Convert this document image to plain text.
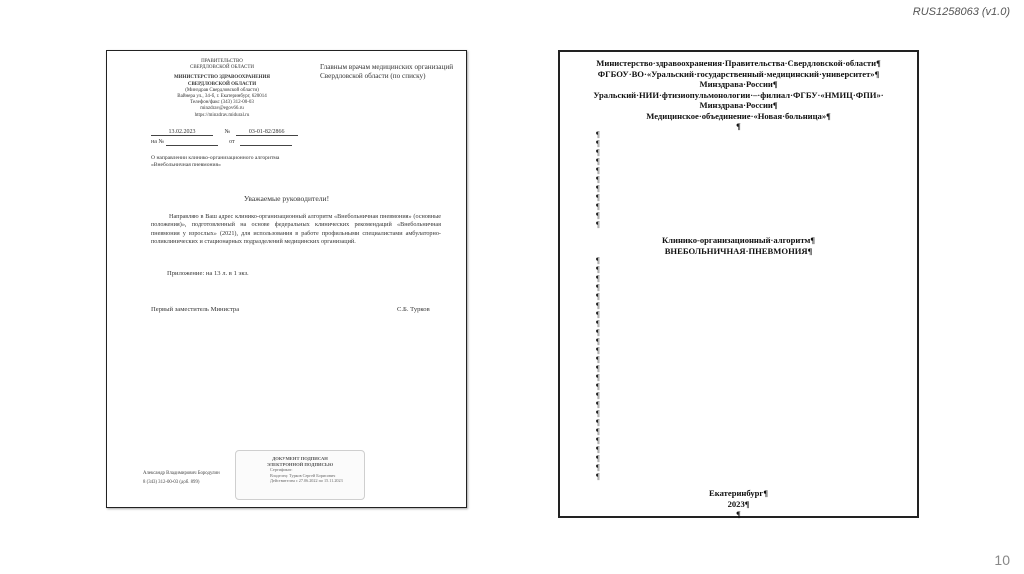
RUS1258063 (v1.0)
ПРАВИТЕЛЬСТВО
СВЕРДЛОВСКОЙ ОБЛАСТИ
МИНИСТЕРСТВО ЗДРАВООХРАНЕНИЯ
СВЕРДЛОВСКОЙ ОБЛАСТИ
(Минздрав Свердловской области)
Вайнера ул., 34-б, г. Екатеринбург, 620014
Телефон/факс (343) 312-00-03
minzdrav@egov66.ru
https://minzdrav.midural.ru
Главным врачам медицинских организаций Свердловской области (по списку)
13.02.2023	№	03-01-82/2866
на №	от
О направлении клинико-организационного алгоритма «Внебольничная пневмония»
Уважаемые руководители!
Направляю в Ваш адрес клинико-организационный алгоритм «Внебольничная пневмония» (основные положения)», подготовленный на основе федеральных клинических рекомендаций «Внебольничная пневмония у взрослых» (2021), для использования в работе профильными специалистами амбулаторно-поликлинических и стационарных подразделений медицинских организаций.
Приложение: на 13 л. в 1 экз.
Первый заместитель Министра	С.Б. Турков
ДОКУМЕНТ ПОДПИСАН
ЭЛЕКТРОННОЙ ПОДПИСЬЮ
Сертификат:
Владелец: Турков Сергей Борисович
Действителен с 27.06.2022 по 15.11.2023
Александр Владимирович Бородулин
8 (343) 312-00-03 (доб. 899)
Министерство·здравоохранения·Правительства·Свердловской·области¶
ФГБОУ·ВО·«Уральский·государственный·медицинский·университет»¶
Минздрава·России¶
Уральский·НИИ·фтизиопульмонологии·–·филиал·ФГБУ·«НМИЦ·ФПИ»·
Минздрава·России¶
Медицинское·объединение·«Новая·больница»¶
¶
¶
¶
¶
¶
¶
¶
¶
¶
¶
¶
¶
Клинико-организационный·алгоритм¶
ВНЕБОЛЬНИЧНАЯ·ПНЕВМОНИЯ¶
¶
¶
¶
¶
¶
¶
¶
¶
¶
¶
¶
¶
¶
¶
¶
¶
¶
¶
¶
¶
¶
¶
¶
¶
¶
Екатеринбург¶
2023¶
¶
10
